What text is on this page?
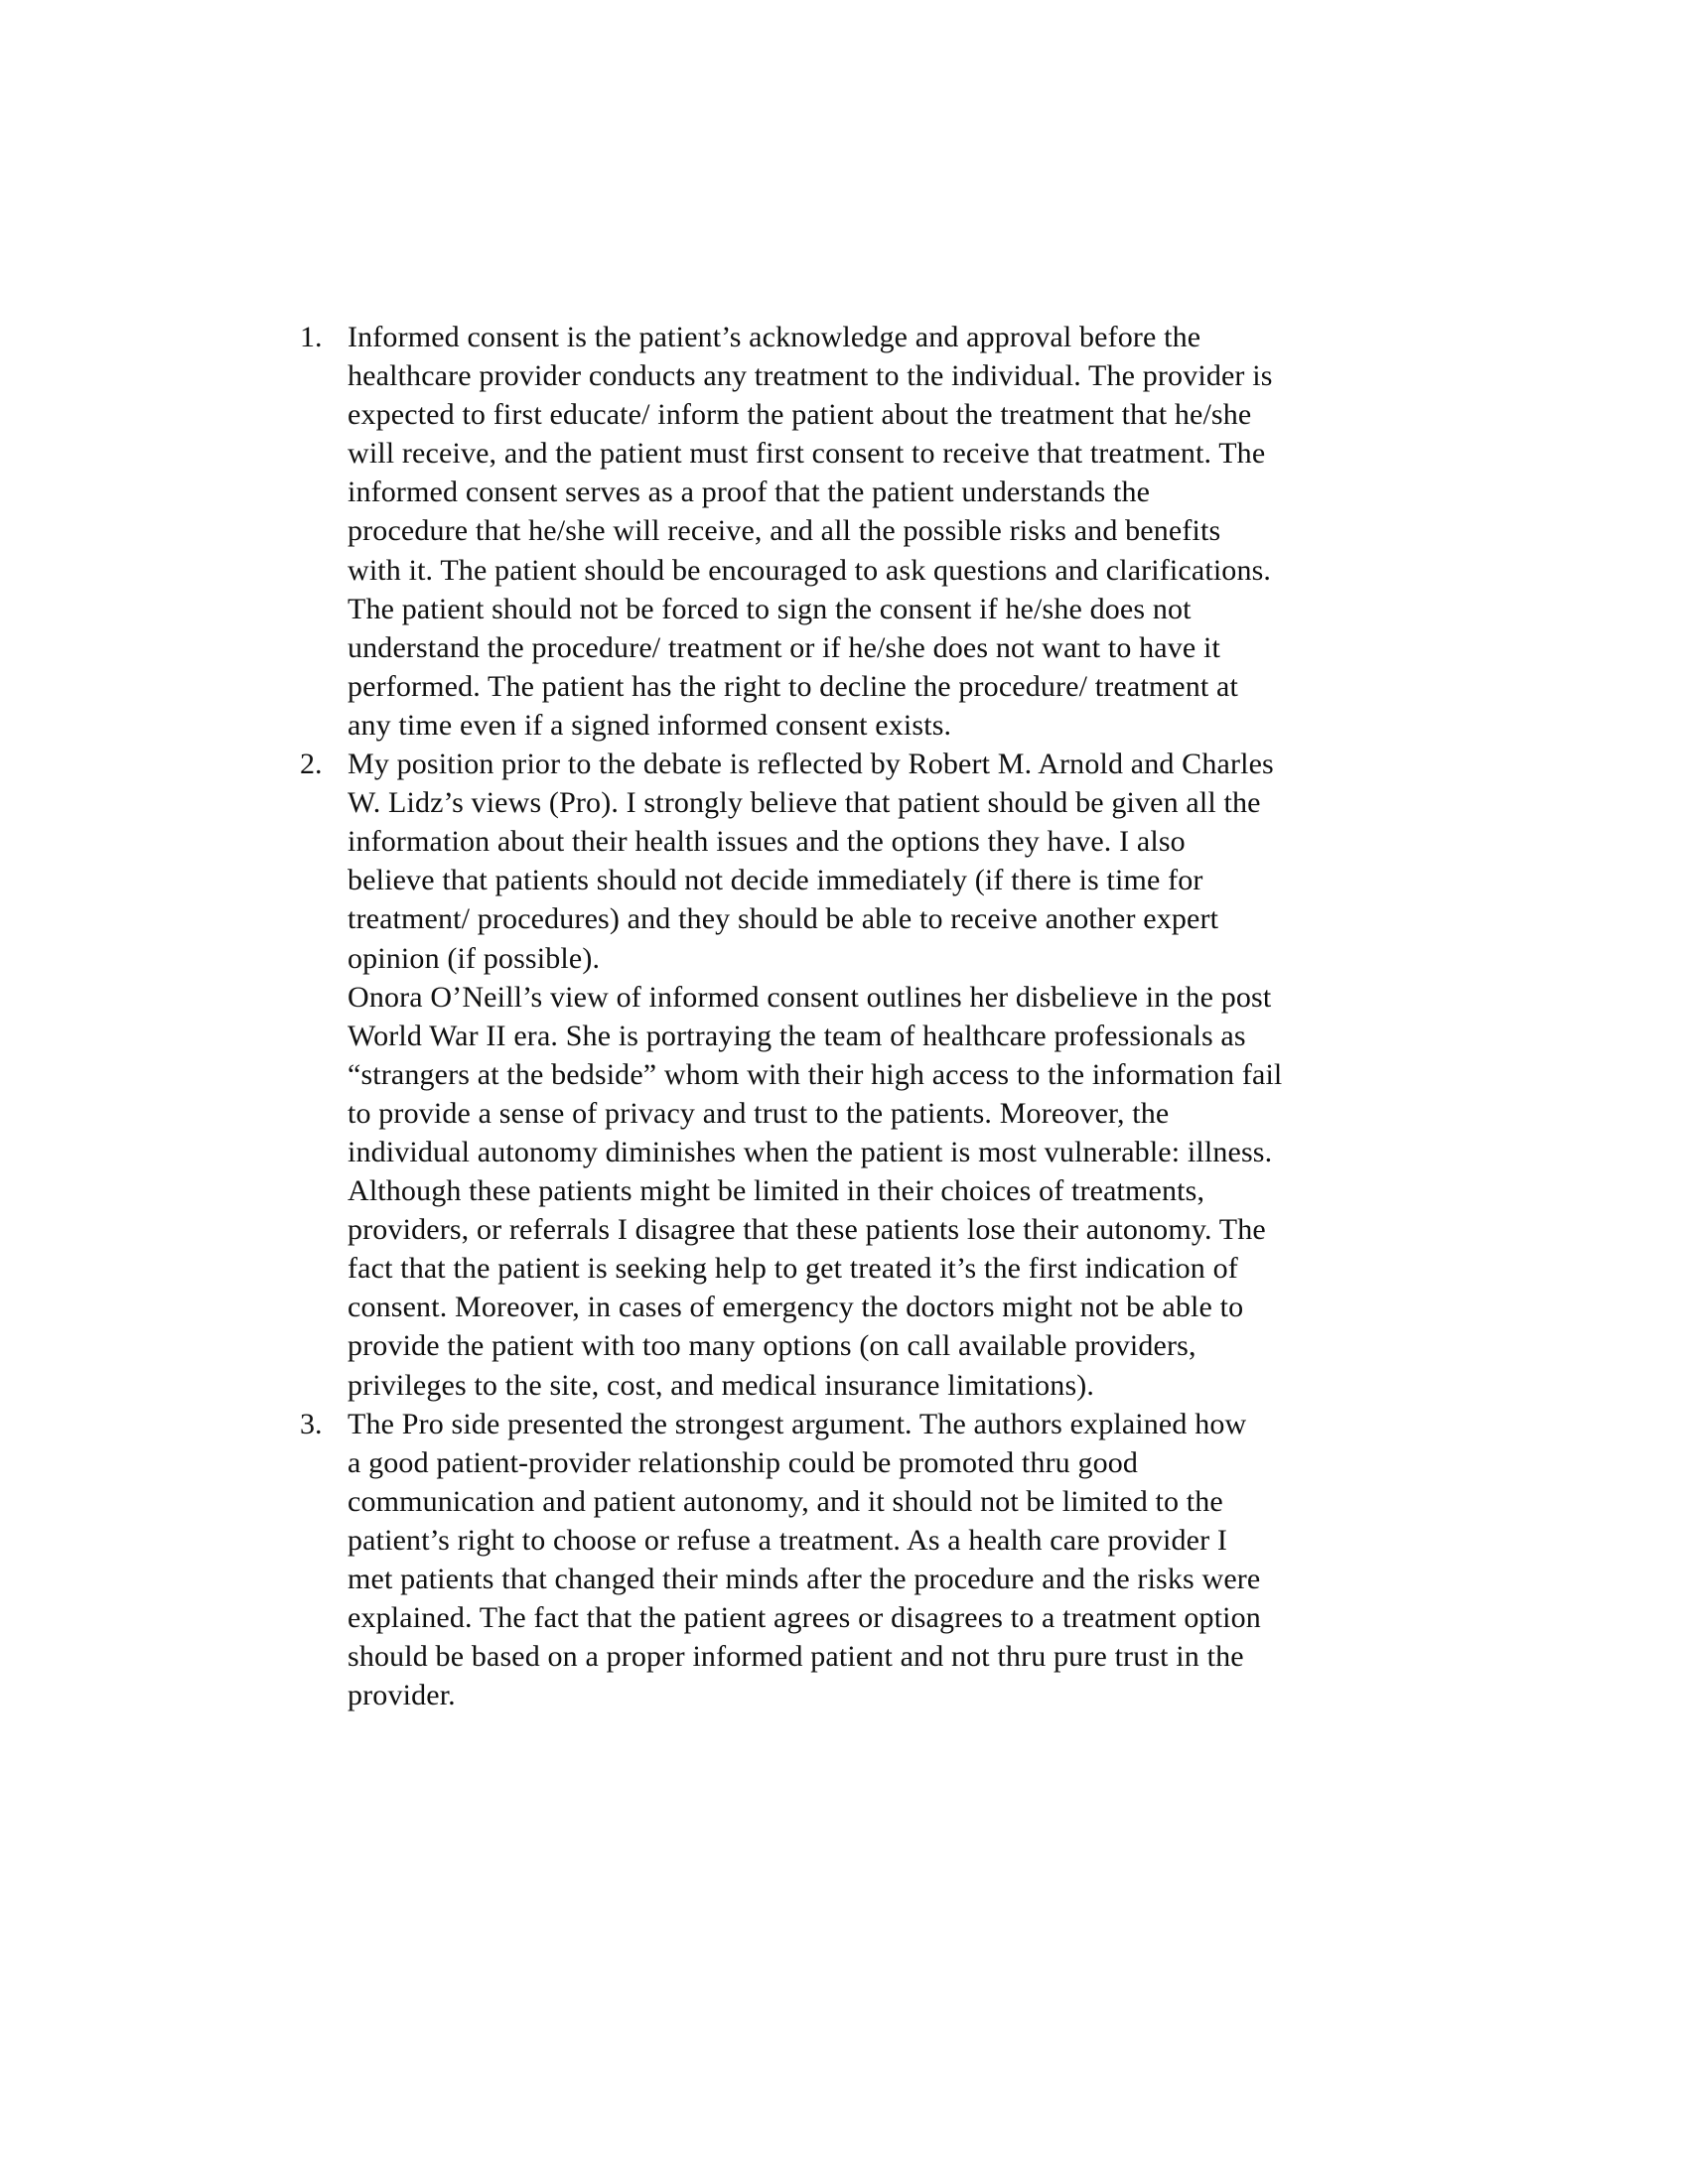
1. Informed consent is the patient’s acknowledge and approval before the
healthcare provider conducts any treatment to the individual. The provider is
expected to first educate/ inform the patient about the treatment that he/she
will receive, and the patient must first consent to receive that treatment. The
informed consent serves as a proof that the patient understands the
procedure that he/she will receive, and all the possible risks and benefits
with it. The patient should be encouraged to ask questions and clarifications.
The patient should not be forced to sign the consent if he/she does not
understand the procedure/ treatment or if he/she does not want to have it
performed. The patient has the right to decline the procedure/ treatment at
any time even if a signed informed consent exists.
2. My position prior to the debate is reflected by Robert M. Arnold and Charles
W. Lidz’s views (Pro). I strongly believe that patient should be given all the
information about their health issues and the options they have. I also
believe that patients should not decide immediately (if there is time for
treatment/ procedures) and they should be able to receive another expert
opinion (if possible).
Onora O’Neill’s view of informed consent outlines her disbelieve in the post
World War II era. She is portraying the team of healthcare professionals as
“strangers at the bedside” whom with their high access to the information fail
to provide a sense of privacy and trust to the patients. Moreover, the
individual autonomy diminishes when the patient is most vulnerable: illness.
Although these patients might be limited in their choices of treatments,
providers, or referrals I disagree that these patients lose their autonomy. The
fact that the patient is seeking help to get treated it’s the first indication of
consent. Moreover, in cases of emergency the doctors might not be able to
provide the patient with too many options (on call available providers,
privileges to the site, cost, and medical insurance limitations).
3. The Pro side presented the strongest argument. The authors explained how
a good patient-provider relationship could be promoted thru good
communication and patient autonomy, and it should not be limited to the
patient’s right to choose or refuse a treatment. As a health care provider I
met patients that changed their minds after the procedure and the risks were
explained. The fact that the patient agrees or disagrees to a treatment option
should be based on a proper informed patient and not thru pure trust in the
provider.
